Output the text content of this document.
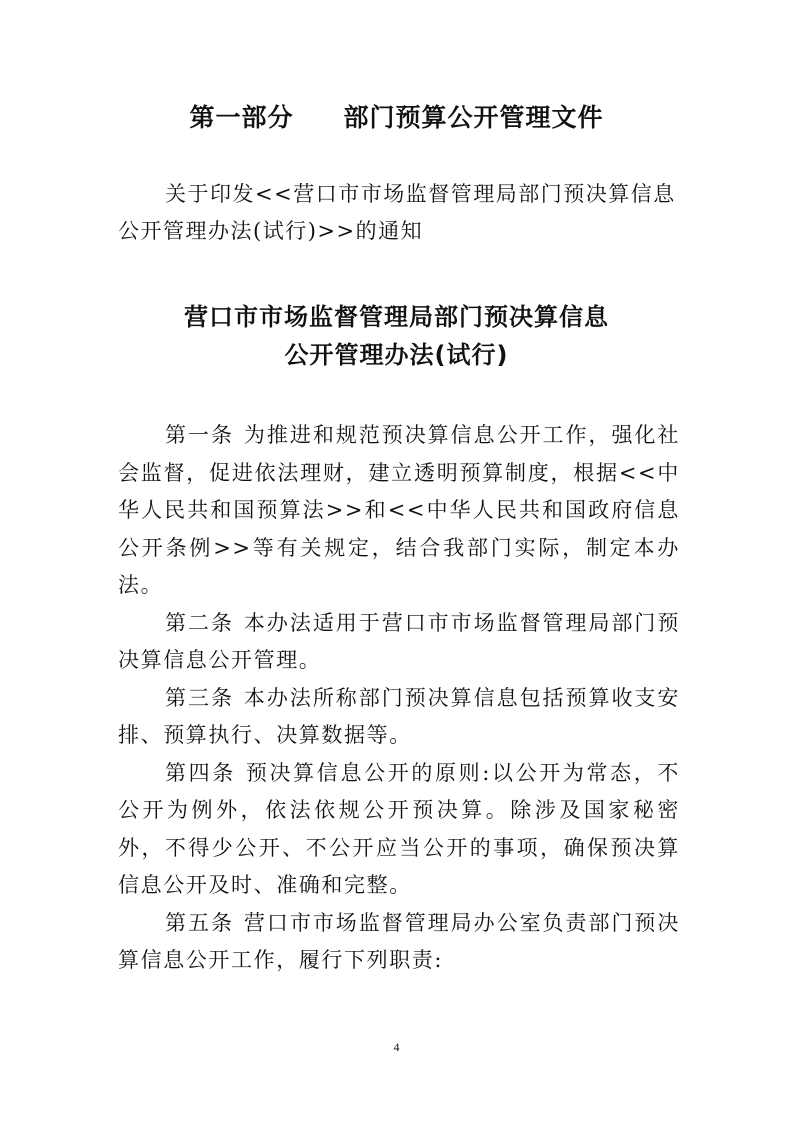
第一部分 部门预算公开管理文件

关于印发<<营口市市场监督管理局部门预决算信息公开管理办法(试行)>>的通知

营口市市场监督管理局部门预决算信息
公开管理办法(试行)

第一条 为推进和规范预决算信息公开工作，强化社会监督，促进依法理财，建立透明预算制度，根据<<中华人民共和国预算法>>和<<中华人民共和国政府信息公开条例>>等有关规定，结合我部门实际，制定本办法。

第二条 本办法适用于营口市市场监督管理局部门预决算信息公开管理。

第三条 本办法所称部门预决算信息包括预算收支安排、预算执行、决算数据等。

第四条 预决算信息公开的原则:以公开为常态，不公开为例外，依法依规公开预决算。除涉及国家秘密外，不得少公开、不公开应当公开的事项，确保预决算信息公开及时、准确和完整。

第五条 营口市市场监督管理局办公室负责部门预决算信息公开工作，履行下列职责:

4
